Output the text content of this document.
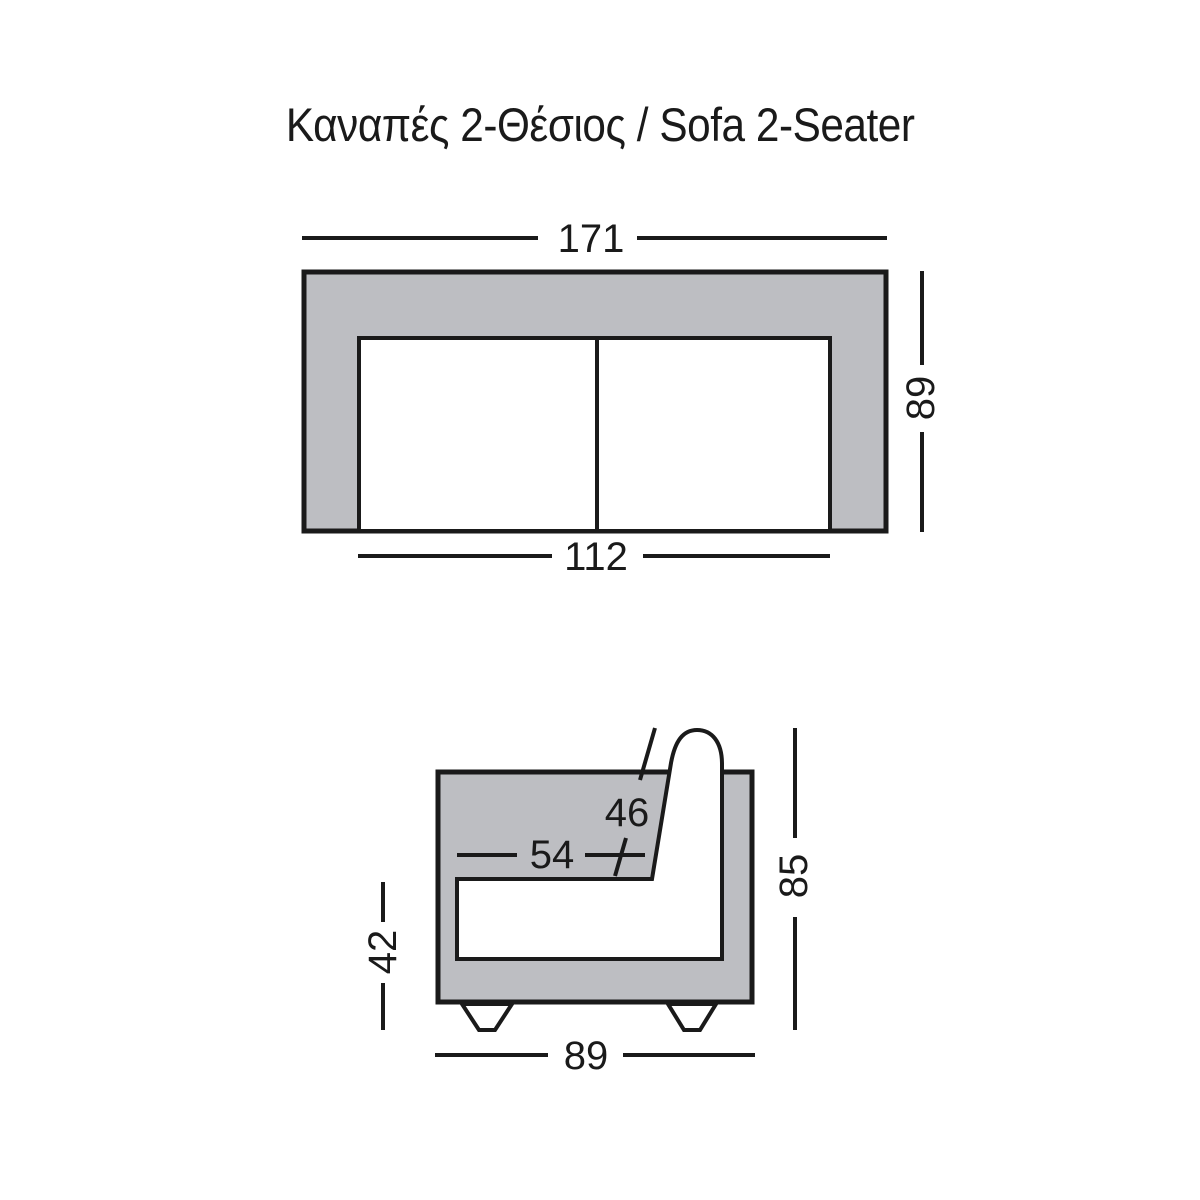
Καναπές 2-Θέσιος / Sofa 2-Seater
171
89
112
46
54
42
85
89
